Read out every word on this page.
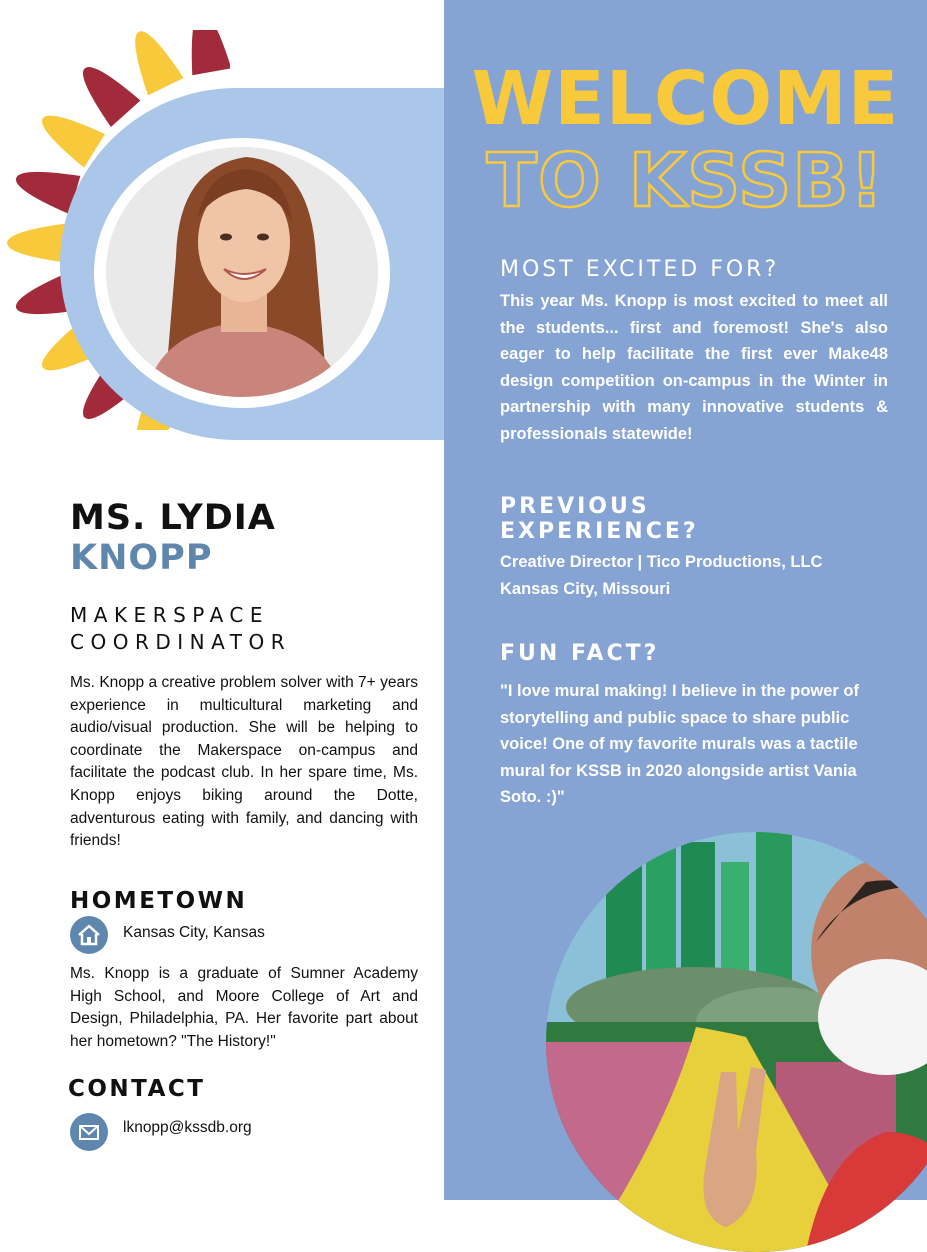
WELCOME
TO KSSB!
MOST EXCITED FOR?

This year Ms. Knopp is most excited to meet all the students... first and foremost! She's also eager to help facilitate the first ever Make48 design competition on-campus in the Winter in partnership with many innovative students & professionals statewide!

PREVIOUS
EXPERIENCE?

Creative Director | Tico Productions, LLC

Kansas City, Missouri

FUN FACT?

"I love mural making! I believe in the power of storytelling and public space to share public voice! One of my favorite murals was a tactile mural for KSSB in 2020 alongside artist Vania Soto. :)"

MS. LYDIA
KNOPP
MAKERSPACE
COORDINATOR

Ms. Knopp a creative problem solver with 7+ years experience in multicultural marketing and audio/visual production. She will be helping to coordinate the Makerspace on-campus and facilitate the podcast club. In her spare time, Ms. Knopp enjoys biking around the Dotte, adventurous eating with family, and dancing with friends!

HOMETOWN

Kansas City, Kansas

Ms. Knopp is a graduate of Sumner Academy High School, and Moore College of Art and Design, Philadelphia, PA. Her favorite part about her hometown? "The History!"

CONTACT

lknopp@kssdb.org
